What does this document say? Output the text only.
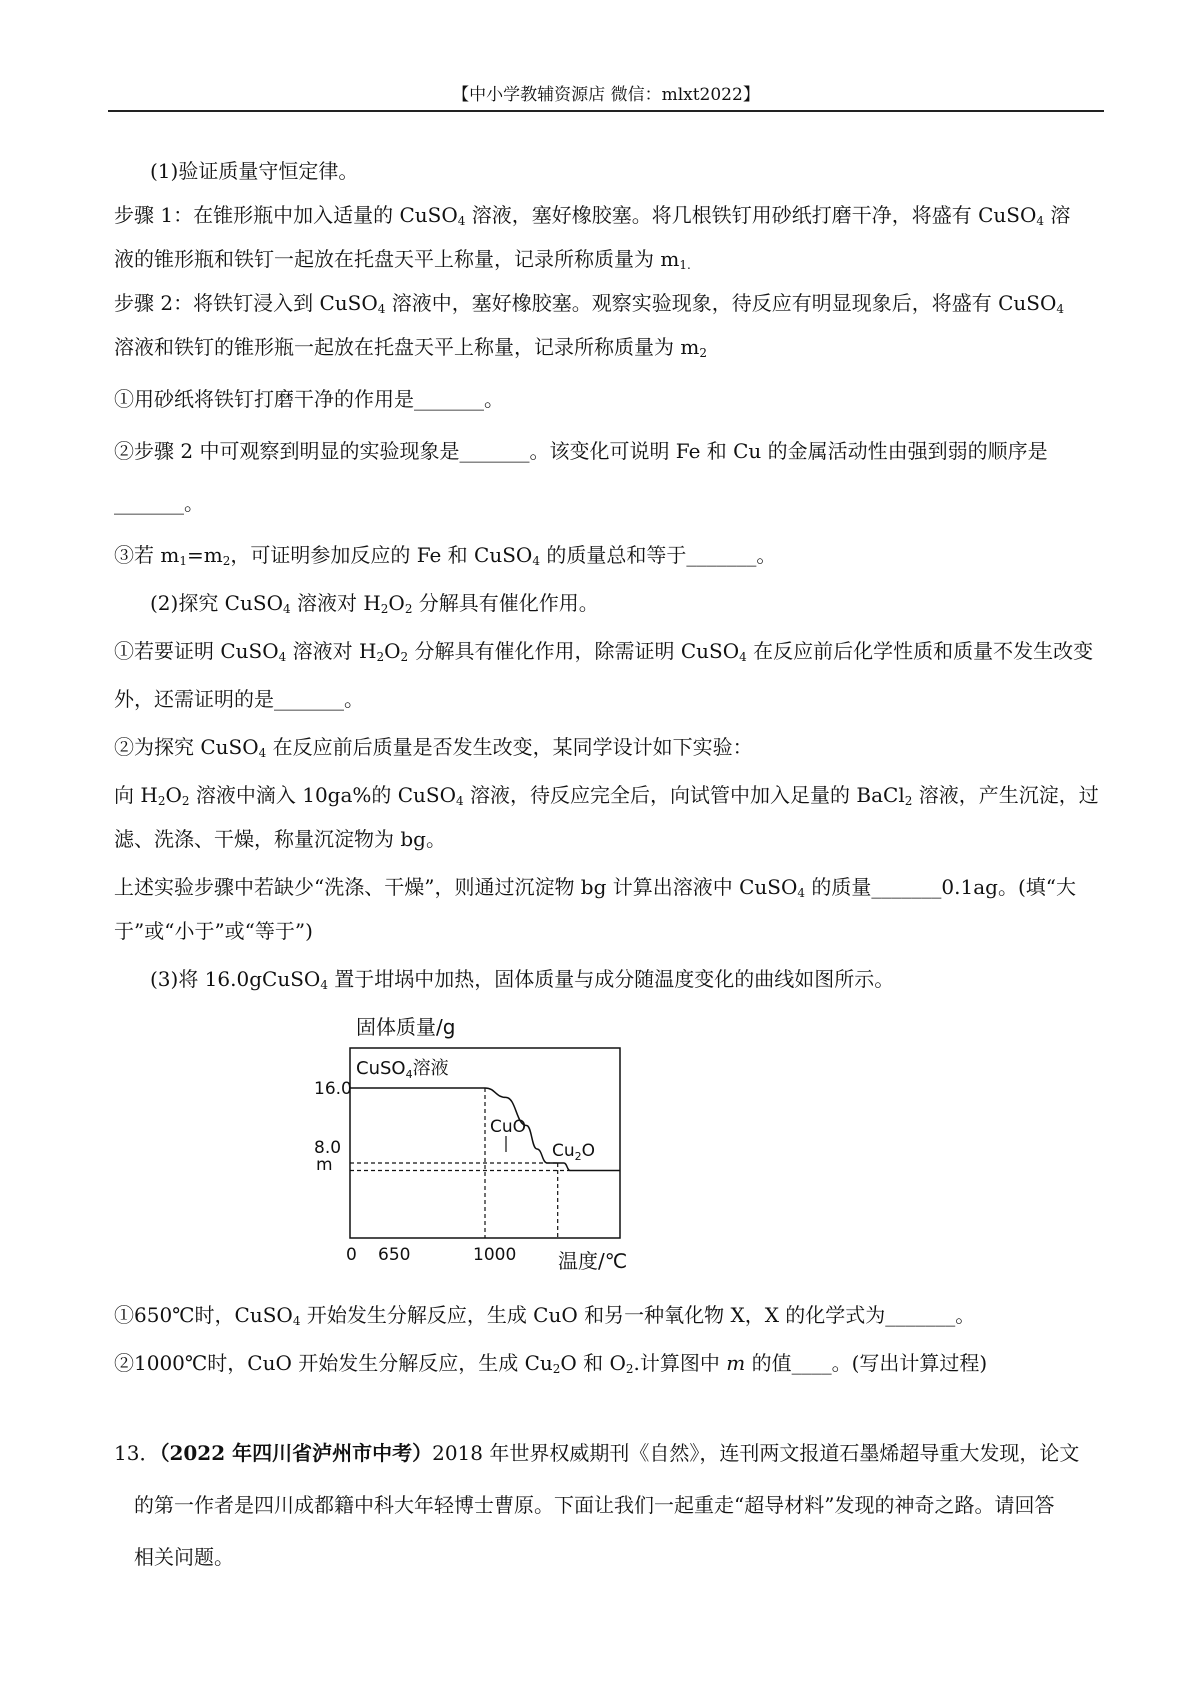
【中小学教辅资源店 微信：mlxt2022】
(1)验证质量守恒定律。
步骤 1：在锥形瓶中加入适量的 CuSO$_4$ 溶液，塞好橡胶塞。将几根铁钉用砂纸打磨干净，将盛有 CuSO$_4$ 溶
液的锥形瓶和铁钉一起放在托盘天平上称量，记录所称质量为 $m_{1.}$
步骤 2：将铁钉浸入到 CuSO$_4$ 溶液中，塞好橡胶塞。观察实验现象，待反应有明显现象后，将盛有 CuSO$_4$
溶液和铁钉的锥形瓶一起放在托盘天平上称量，记录所称质量为 $m_2$
①用砂纸将铁钉打磨干净的作用是_______。
②步骤 2 中可观察到明显的实验现象是_______。该变化可说明 Fe 和 Cu 的金属活动性由强到弱的顺序是
_______。
③若 $m_1=m_2$，可证明参加反应的 Fe 和 CuSO$_4$ 的质量总和等于_______。
(2)探究 CuSO$_4$ 溶液对 $H_2O_2$ 分解具有催化作用。
①若要证明 CuSO$_4$ 溶液对 $H_2O_2$ 分解具有催化作用，除需证明 CuSO$_4$ 在反应前后化学性质和质量不发生改变
外，还需证明的是_______。
②为探究 CuSO$_4$ 在反应前后质量是否发生改变，某同学设计如下实验：
向 $H_2O_2$ 溶液中滴入 10ga%的 CuSO$_4$ 溶液，待反应完全后，向试管中加入足量的 BaCl$_2$ 溶液，产生沉淀，过
滤、洗涤、干燥，称量沉淀物为 bg。
上述实验步骤中若缺少“洗涤、干燥”，则通过沉淀物 bg 计算出溶液中 CuSO$_4$ 的质量_______0.1ag。(填“大
于”或“小于”或“等于”)
(3)将 16.0gCuSO$_4$ 置于坩埚中加热，固体质量与成分随温度变化的曲线如图所示。
固体质量/g
16.0
8.0
m
0 650	1000 温度/℃
CuSO$_4$溶液
CuO
$Cu_2O$
①650℃时，CuSO$_4$ 开始发生分解反应，生成 CuO 和另一种氧化物 X，X 的化学式为_______。
②1000℃时，CuO 开始发生分解反应，生成 $Cu_2O$ 和 $O_2$.计算图中 m 的值____。(写出计算过程)
13．（2022 年四川省泸州市中考）2018 年世界权威期刊《自然》，连刊两文报道石墨烯超导重大发现，论文
的第一作者是四川成都籍中科大年轻博士曹原。下面让我们一起重走“超导材料”发现的神奇之路。请回答
相关问题。
